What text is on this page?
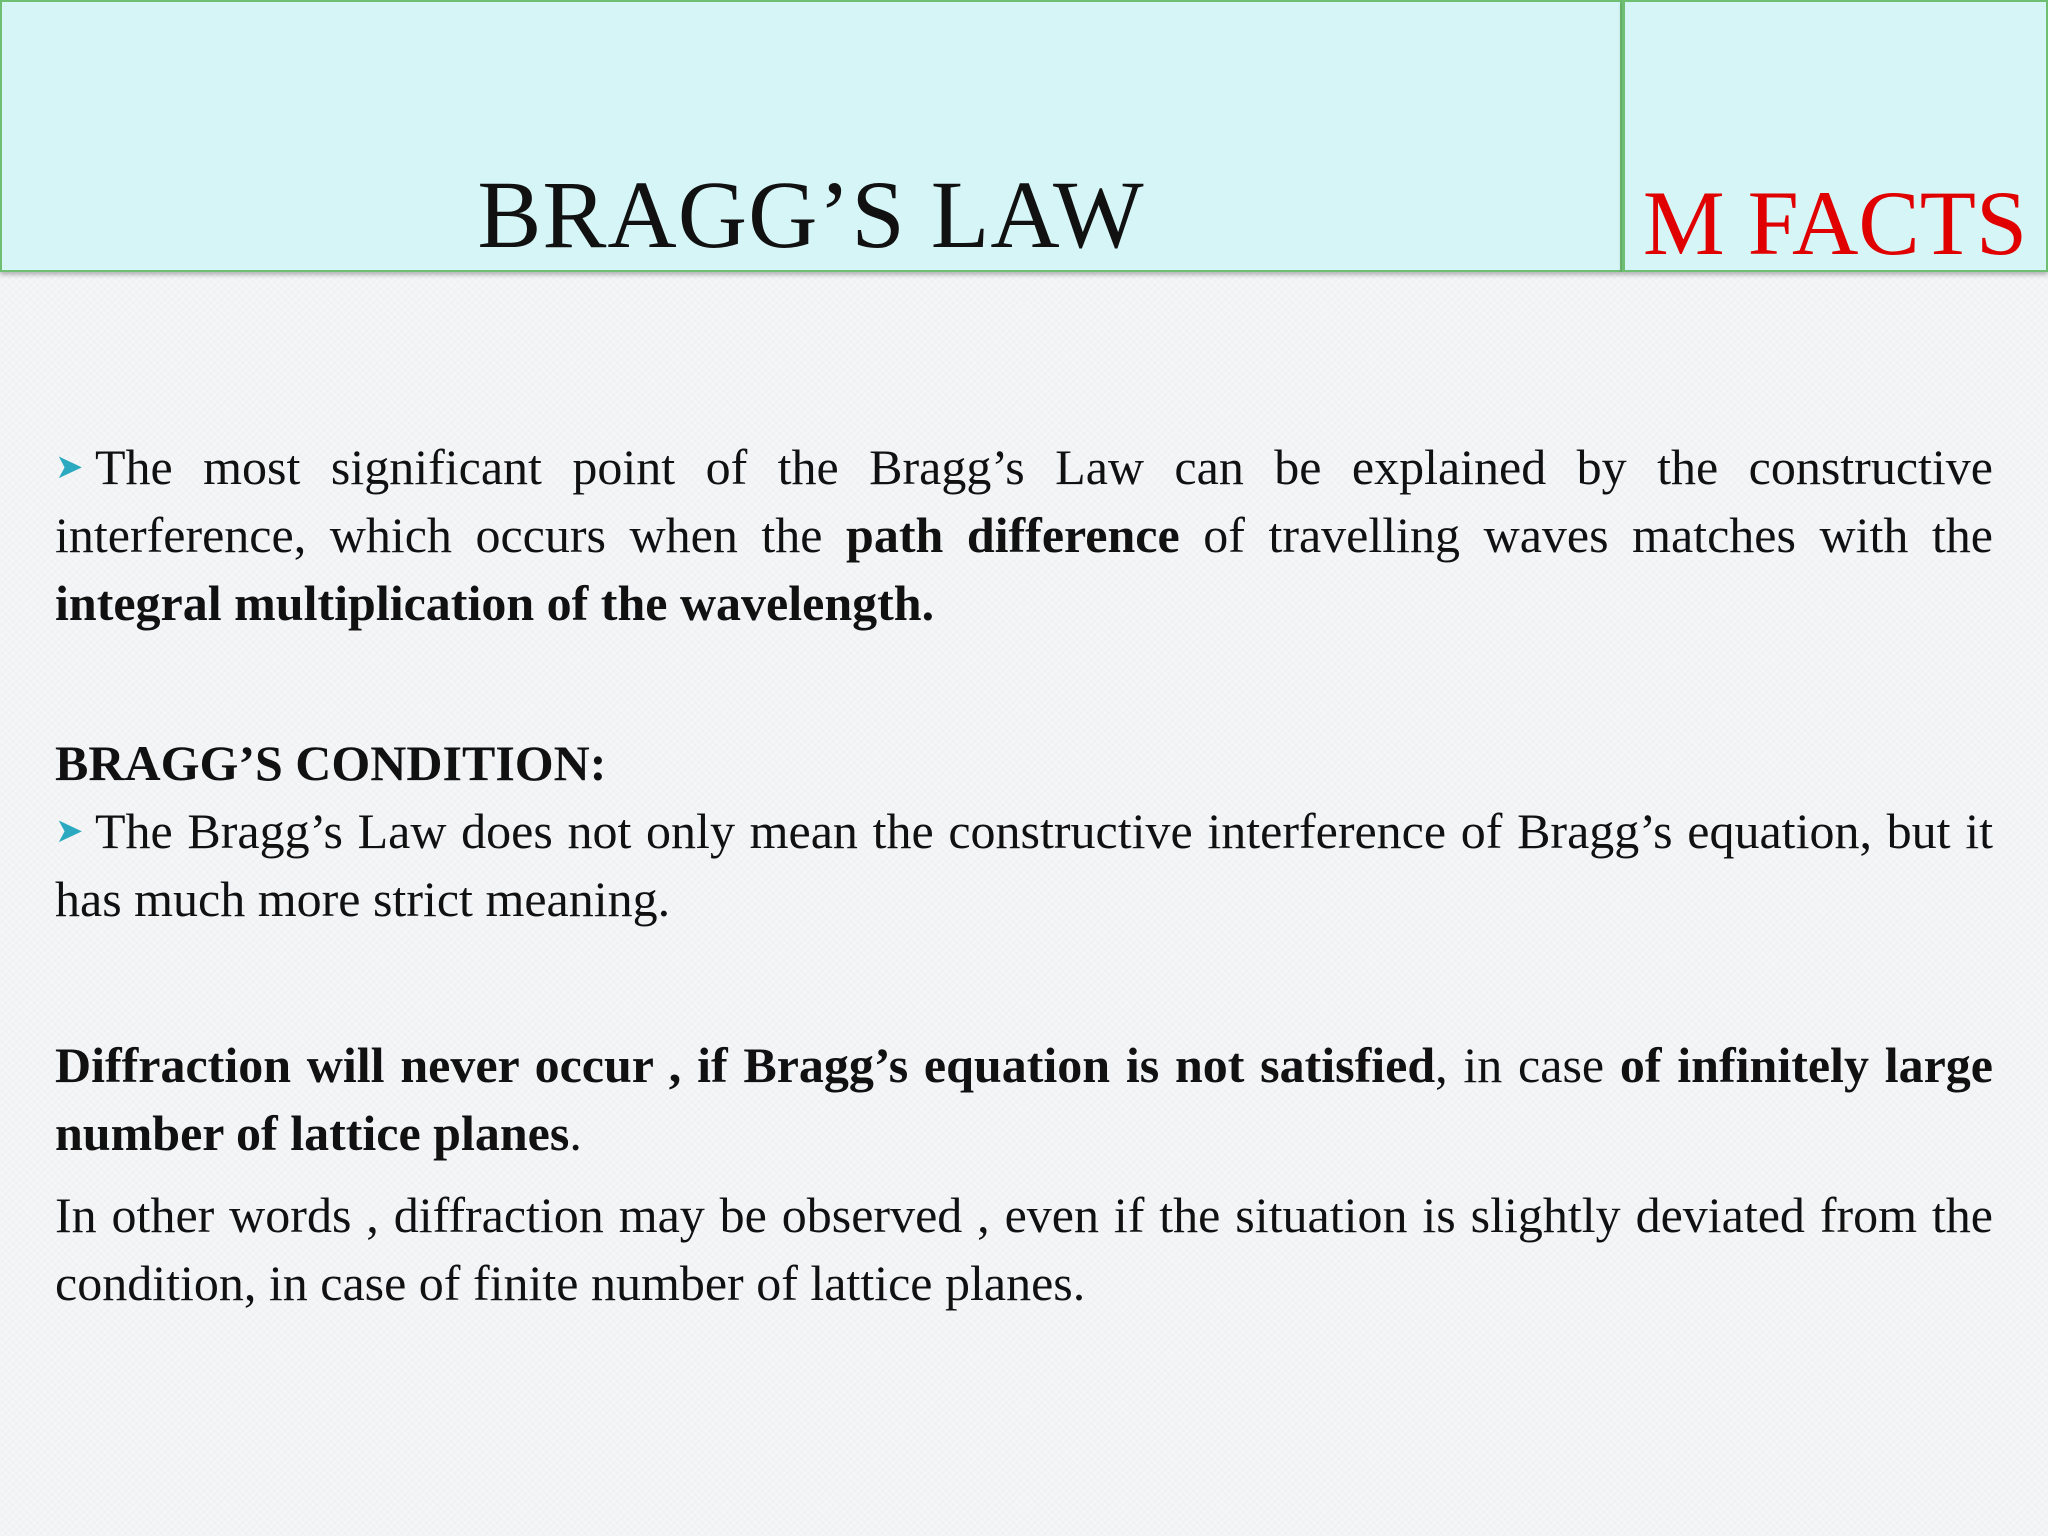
BRAGG’S LAW	M FACTS

➤ The most significant point of the Bragg’s Law can be explained by the constructive interference, which occurs when the path difference of travelling waves matches with the integral multiplication of the wavelength.

BRAGG’S CONDITION:

➤ The Bragg’s Law does not only mean the constructive interference of Bragg’s equation, but it has much more strict meaning.

Diffraction will never occur , if Bragg’s equation is not satisfied, in case of infinitely large number of lattice planes.

In other words , diffraction may be observed , even if the situation is slightly deviated from the condition, in case of finite number of lattice planes.
